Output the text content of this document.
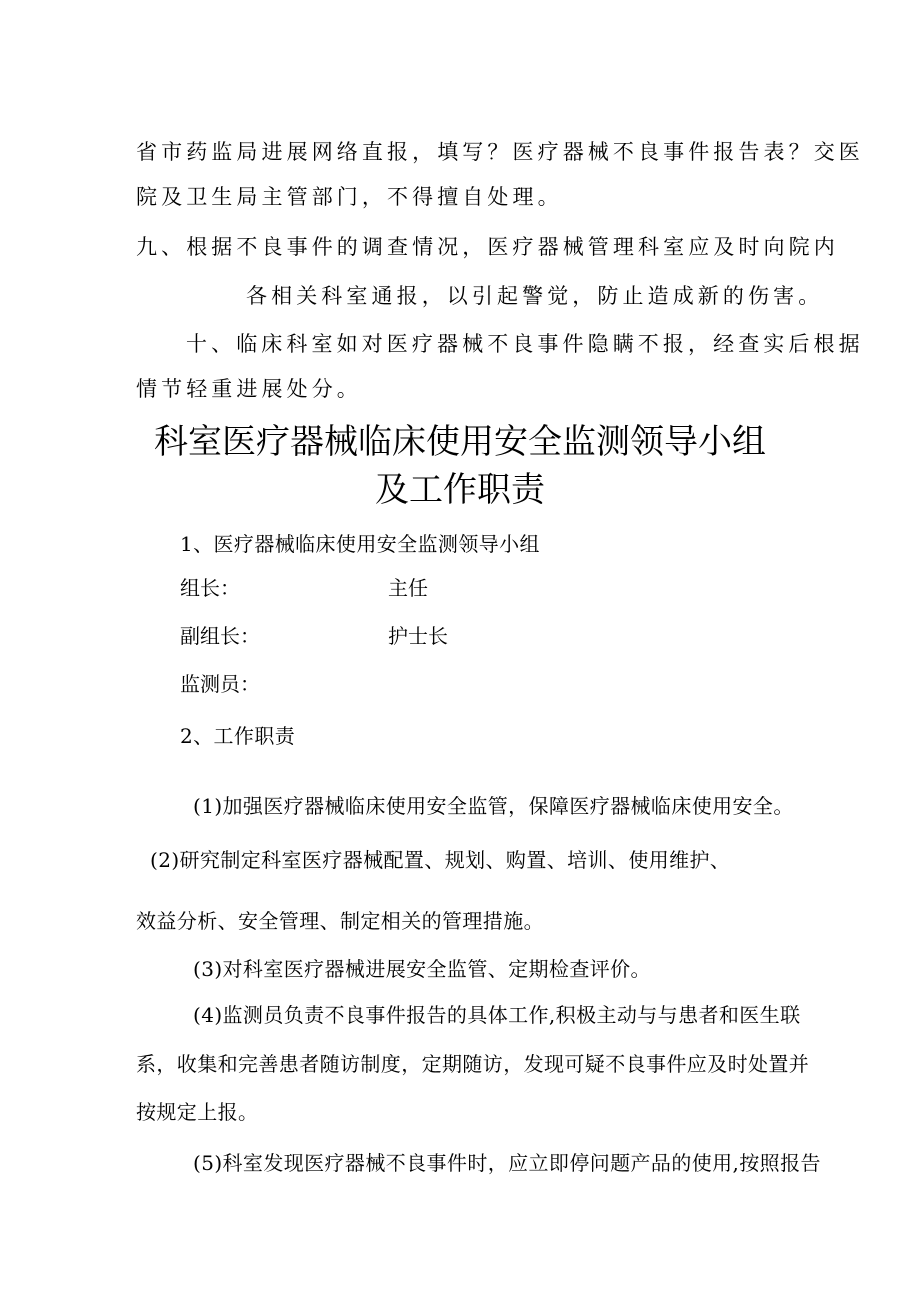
省市药监局进展网络直报，填写？医疗器械不良事件报告表？交医

院及卫生局主管部门，不得擅自处理。

九、根据不良事件的调查情况，医疗器械管理科室应及时向院内

各相关科室通报，以引起警觉，防止造成新的伤害。

十、临床科室如对医疗器械不良事件隐瞒不报，经查实后根据

情节轻重进展处分。

科室医疗器械临床使用安全监测领导小组
及工作职责

1、医疗器械临床使用安全监测领导小组

组长：	主任
副组长：	护士长
监测员：

2、工作职责

(1)加强医疗器械临床使用安全监管，保障医疗器械临床使用安全。

(2)研究制定科室医疗器械配置、规划、购置、培训、使用维护、

效益分析、安全管理、制定相关的管理措施。

(3)对科室医疗器械进展安全监管、定期检查评价。

(4)监测员负责不良事件报告的具体工作,积极主动与与患者和医生联

系，收集和完善患者随访制度，定期随访，发现可疑不良事件应及时处置并

按规定上报。

(5)科室发现医疗器械不良事件时，应立即停问题产品的使用,按照报告
